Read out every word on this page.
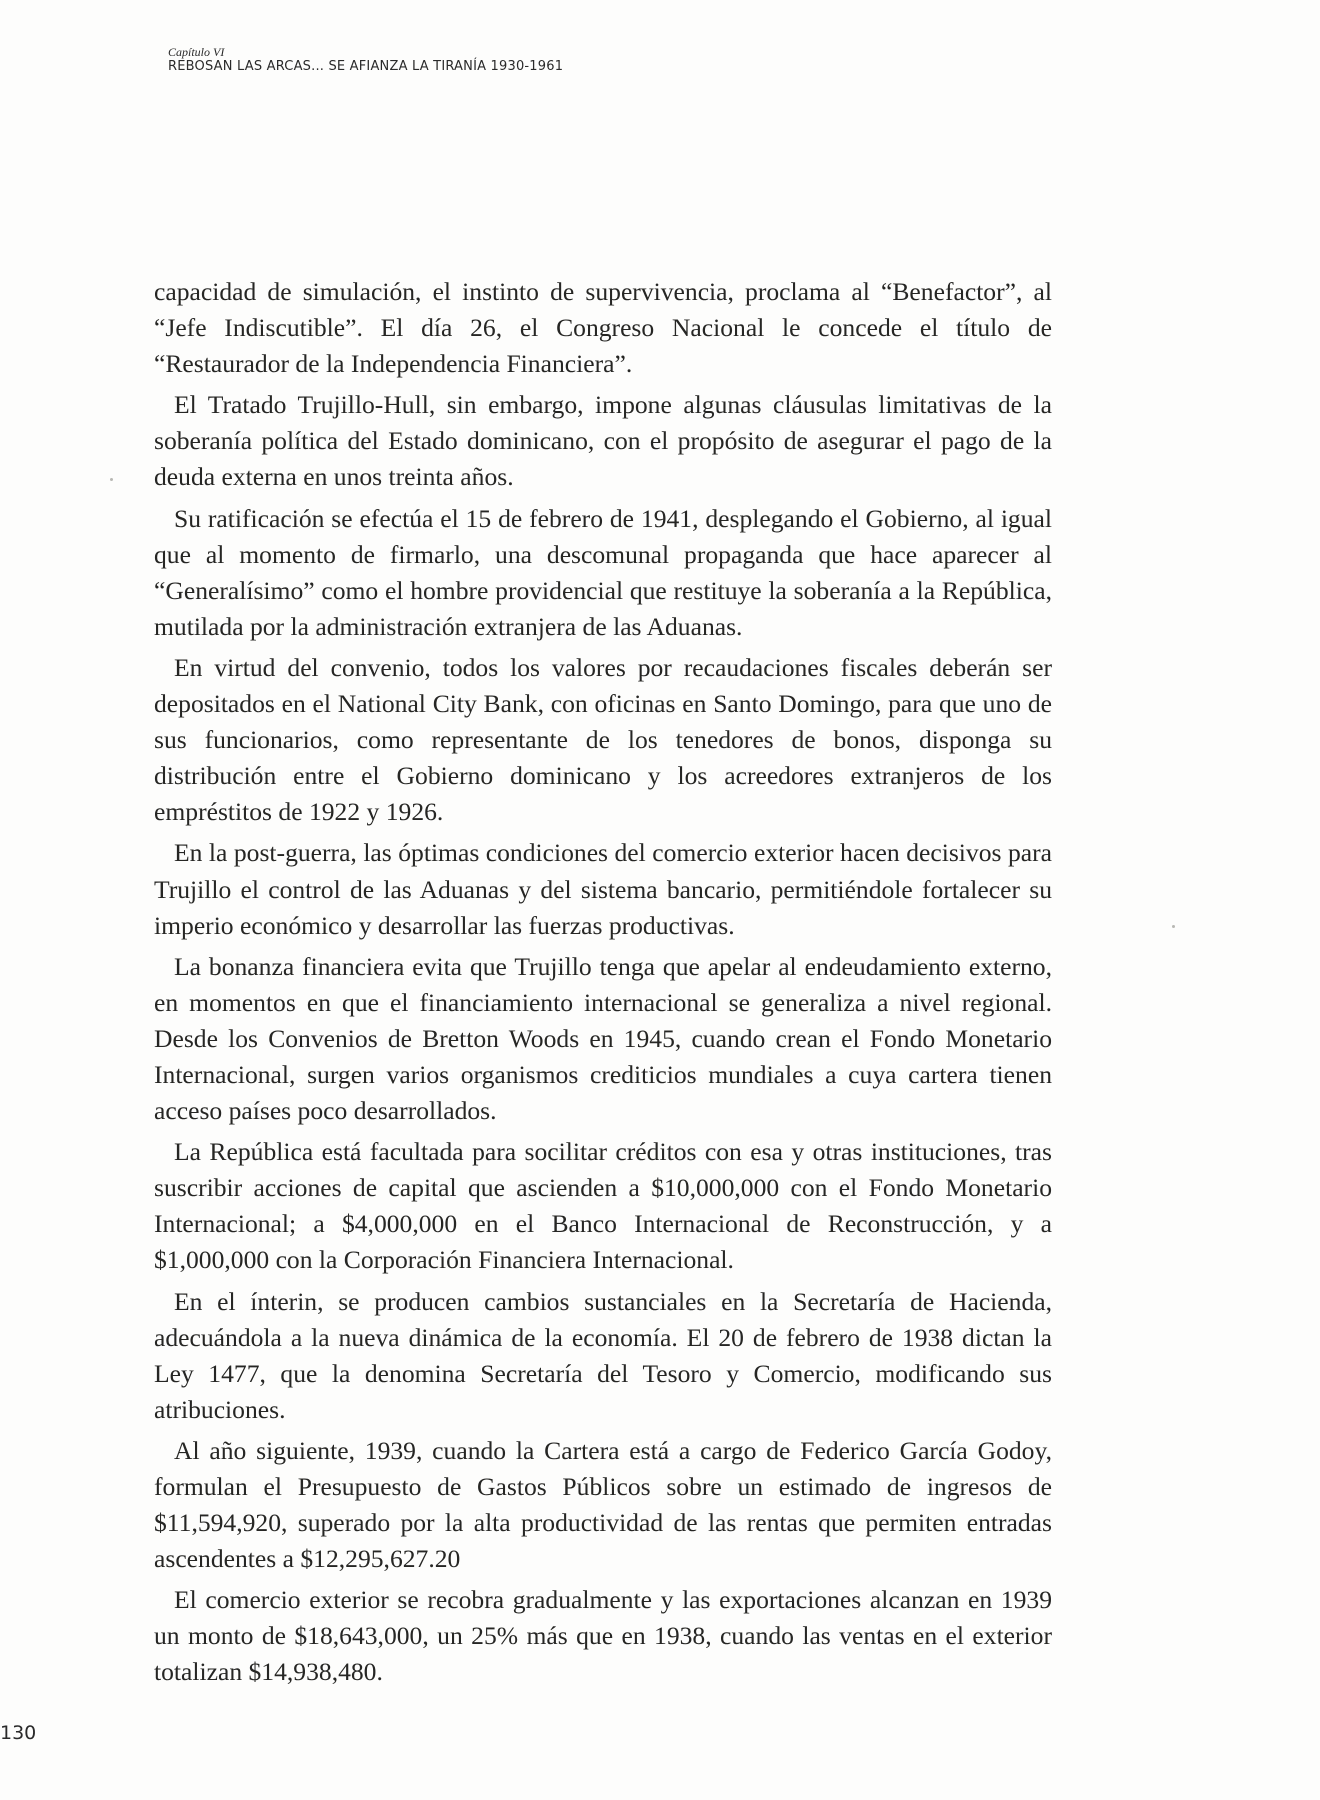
Capítulo VI
REBOSAN LAS ARCAS... SE AFIANZA LA TIRANÍA 1930-1961

capacidad de simulación, el instinto de supervivencia, proclama al “Benefactor”, al “Jefe Indiscutible”. El día 26, el Congreso Nacional le concede el título de “Restaurador de la Independencia Financiera”.

El Tratado Trujillo-Hull, sin embargo, impone algunas cláusulas limitativas de la soberanía política del Estado dominicano, con el propósito de asegurar el pago de la deuda externa en unos treinta años.

Su ratificación se efectúa el 15 de febrero de 1941, desplegando el Gobierno, al igual que al momento de firmarlo, una descomunal propaganda que hace aparecer al “Generalísimo” como el hombre providencial que restituye la soberanía a la República, mutilada por la administración extranjera de las Aduanas.

En virtud del convenio, todos los valores por recaudaciones fiscales deberán ser depositados en el National City Bank, con oficinas en Santo Domingo, para que uno de sus funcionarios, como representante de los tenedores de bonos, disponga su distribución entre el Gobierno dominicano y los acreedores extranjeros de los empréstitos de 1922 y 1926.

En la post-guerra, las óptimas condiciones del comercio exterior hacen decisivos para Trujillo el control de las Aduanas y del sistema bancario, permitiéndole fortalecer su imperio económico y desarrollar las fuerzas productivas.

La bonanza financiera evita que Trujillo tenga que apelar al endeudamiento externo, en momentos en que el financiamiento internacional se generaliza a nivel regional. Desde los Convenios de Bretton Woods en 1945, cuando crean el Fondo Monetario Internacional, surgen varios organismos crediticios mundiales a cuya cartera tienen acceso países poco desarrollados.

La República está facultada para socilitar créditos con esa y otras instituciones, tras suscribir acciones de capital que ascienden a $10,000,000 con el Fondo Monetario Internacional; a $4,000,000 en el Banco Internacional de Reconstrucción, y a $1,000,000 con la Corporación Financiera Internacional.

En el ínterin, se producen cambios sustanciales en la Secretaría de Hacienda, adecuándola a la nueva dinámica de la economía. El 20 de febrero de 1938 dictan la Ley 1477, que la denomina Secretaría del Tesoro y Comercio, modificando sus atribuciones.

Al año siguiente, 1939, cuando la Cartera está a cargo de Federico García Godoy, formulan el Presupuesto de Gastos Públicos sobre un estimado de ingresos de $11,594,920, superado por la alta productividad de las rentas que permiten entradas ascendentes a $12,295,627.20

El comercio exterior se recobra gradualmente y las exportaciones alcanzan en 1939 un monto de $18,643,000, un 25% más que en 1938, cuando las ventas en el exterior totalizan $14,938,480.

130
